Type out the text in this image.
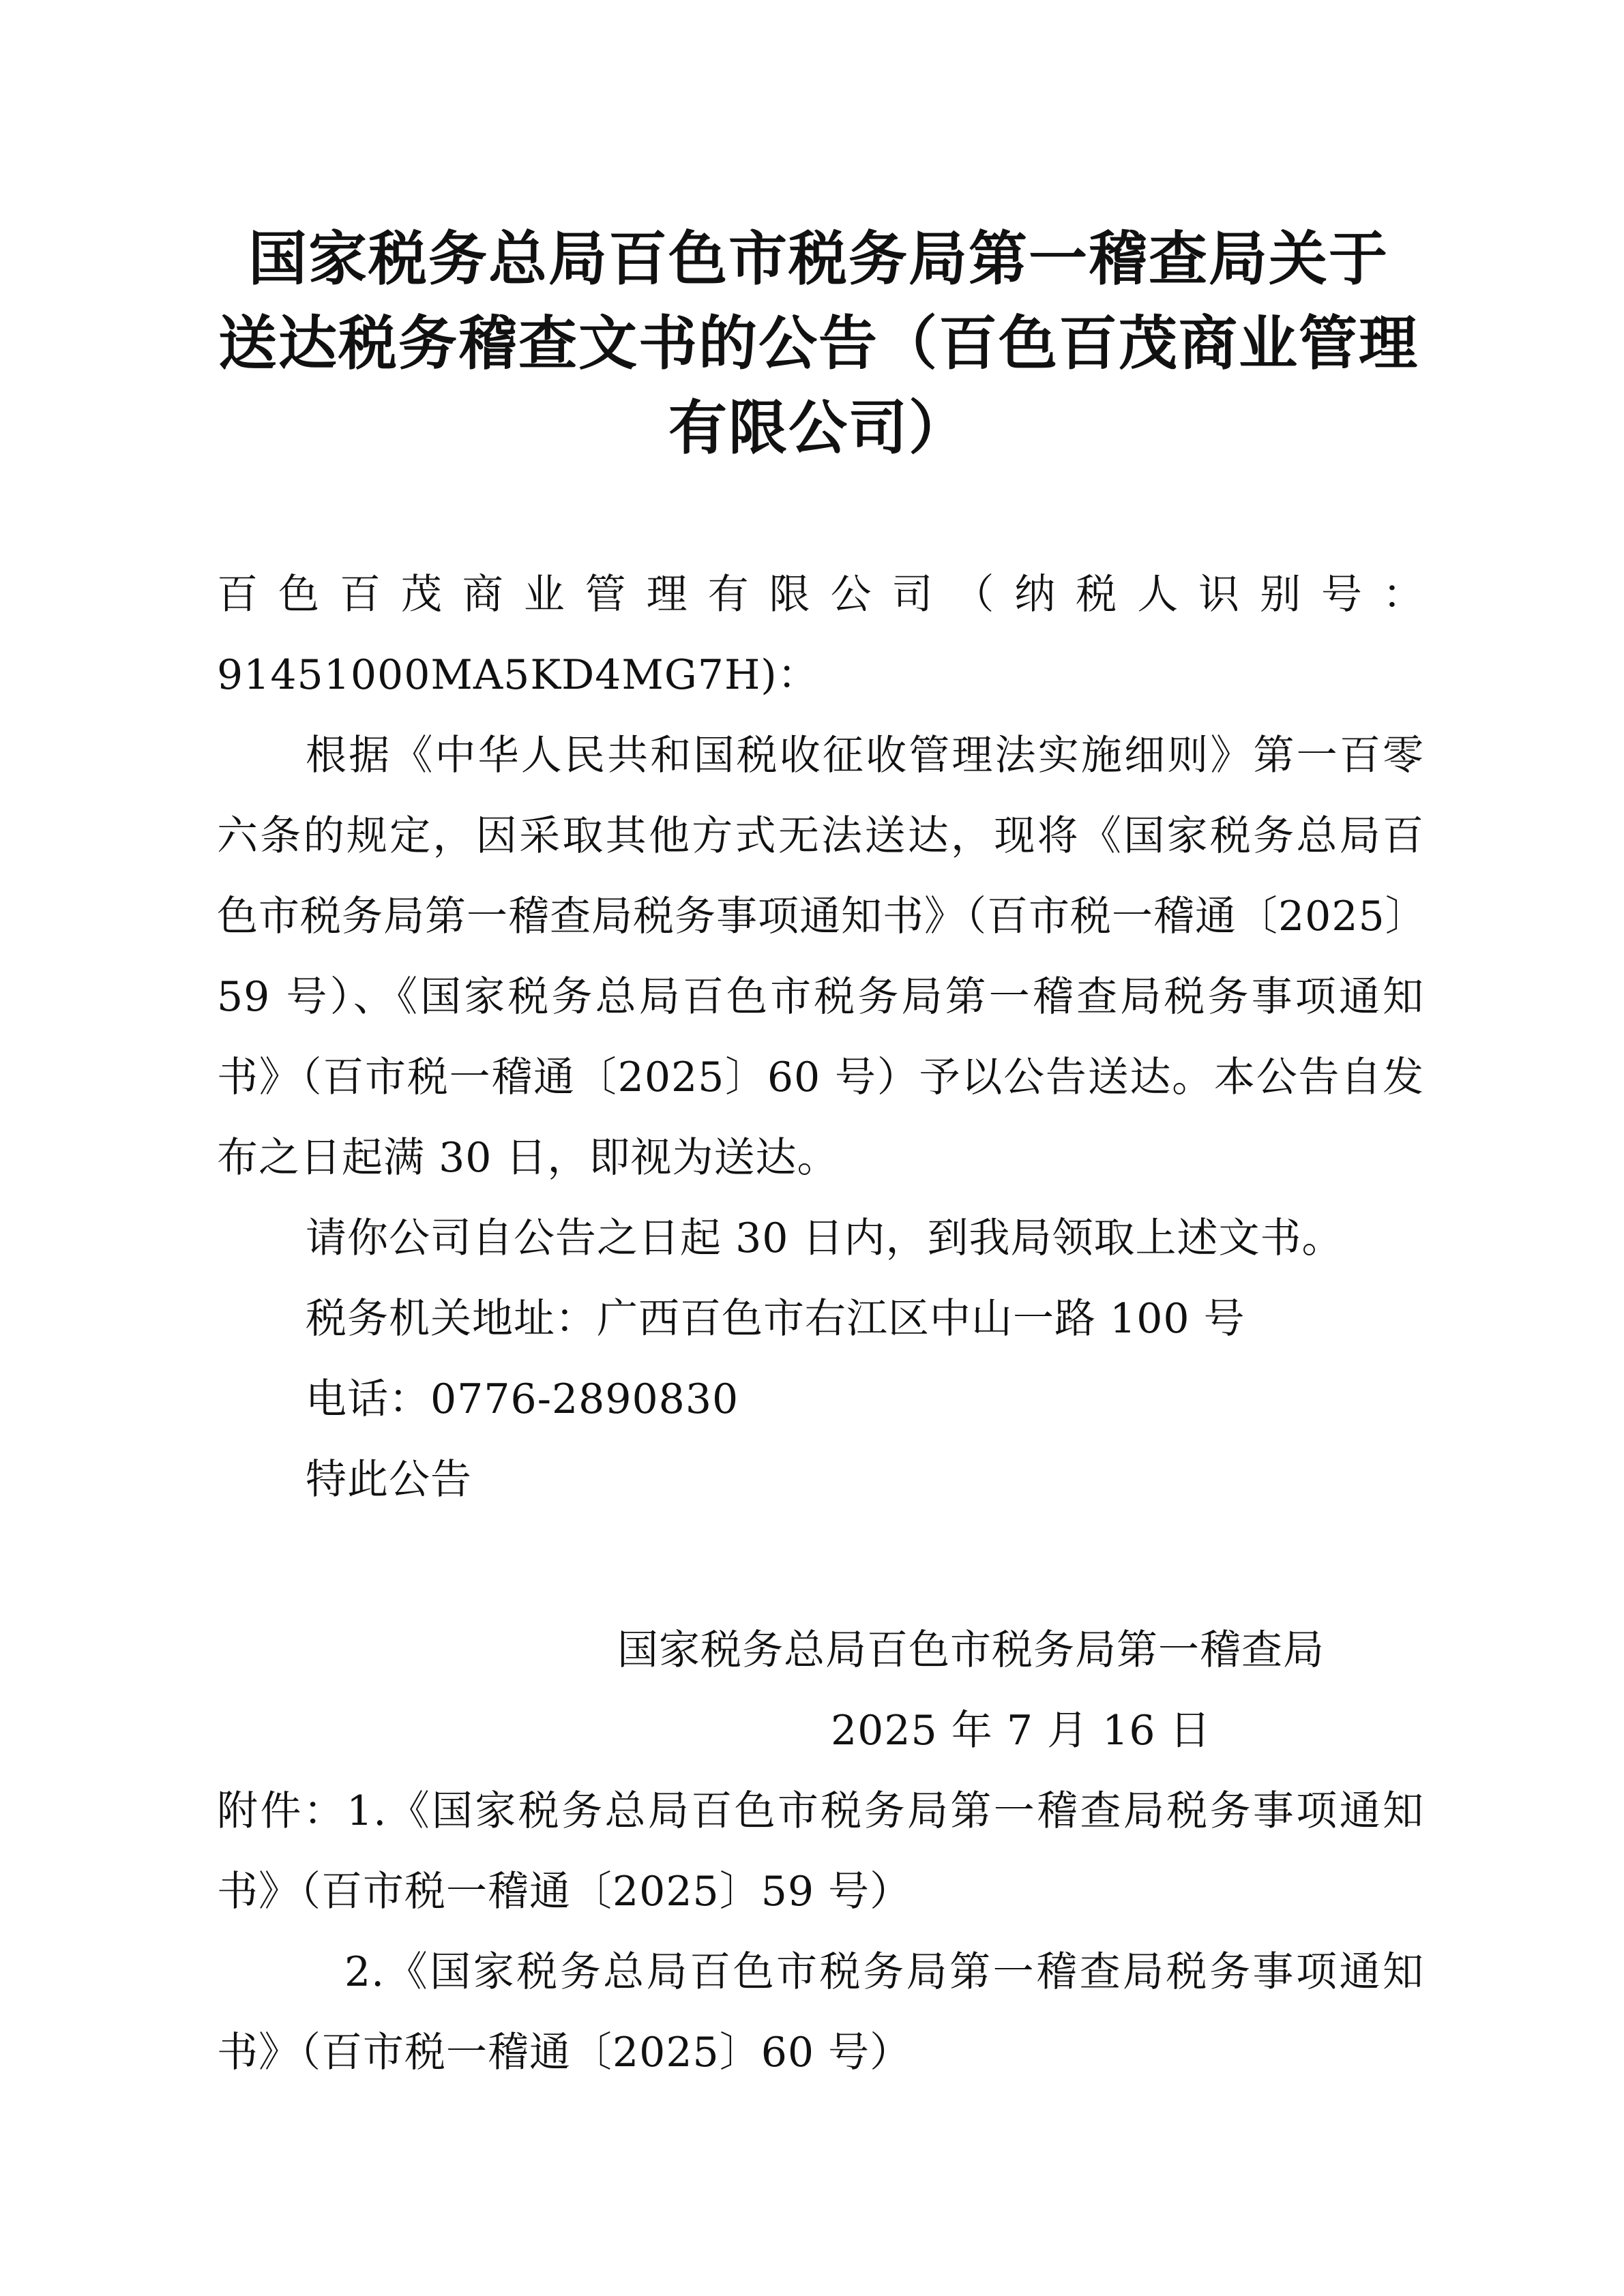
国家税务总局百色市税务局第一稽查局关于
送达税务稽查文书的公告（百色百茂商业管理
有限公司）
百色百茂商业管理有限公司（纳税人识别号：
91451000MA5KD4MG7H)：
根据《中华人民共和国税收征收管理法实施细则》第一百零
六条的规定，因采取其他方式无法送达，现将《国家税务总局百
色市税务局第一稽查局税务事项通知书》（百市税一稽通〔2025〕
59 号）、《国家税务总局百色市税务局第一稽查局税务事项通知
书》（百市税一稽通〔2025〕60 号）予以公告送达。本公告自发
布之日起满 30 日，即视为送达。
请你公司自公告之日起 30 日内，到我局领取上述文书。
税务机关地址：广西百色市右江区中山一路 100 号
电话：0776-2890830
特此公告
国家税务总局百色市税务局第一稽查局
2025 年 7 月 16 日
附件：1.《国家税务总局百色市税务局第一稽查局税务事项通知
书》（百市税一稽通〔2025〕59 号）
2.《国家税务总局百色市税务局第一稽查局税务事项通知
书》（百市税一稽通〔2025〕60 号）
